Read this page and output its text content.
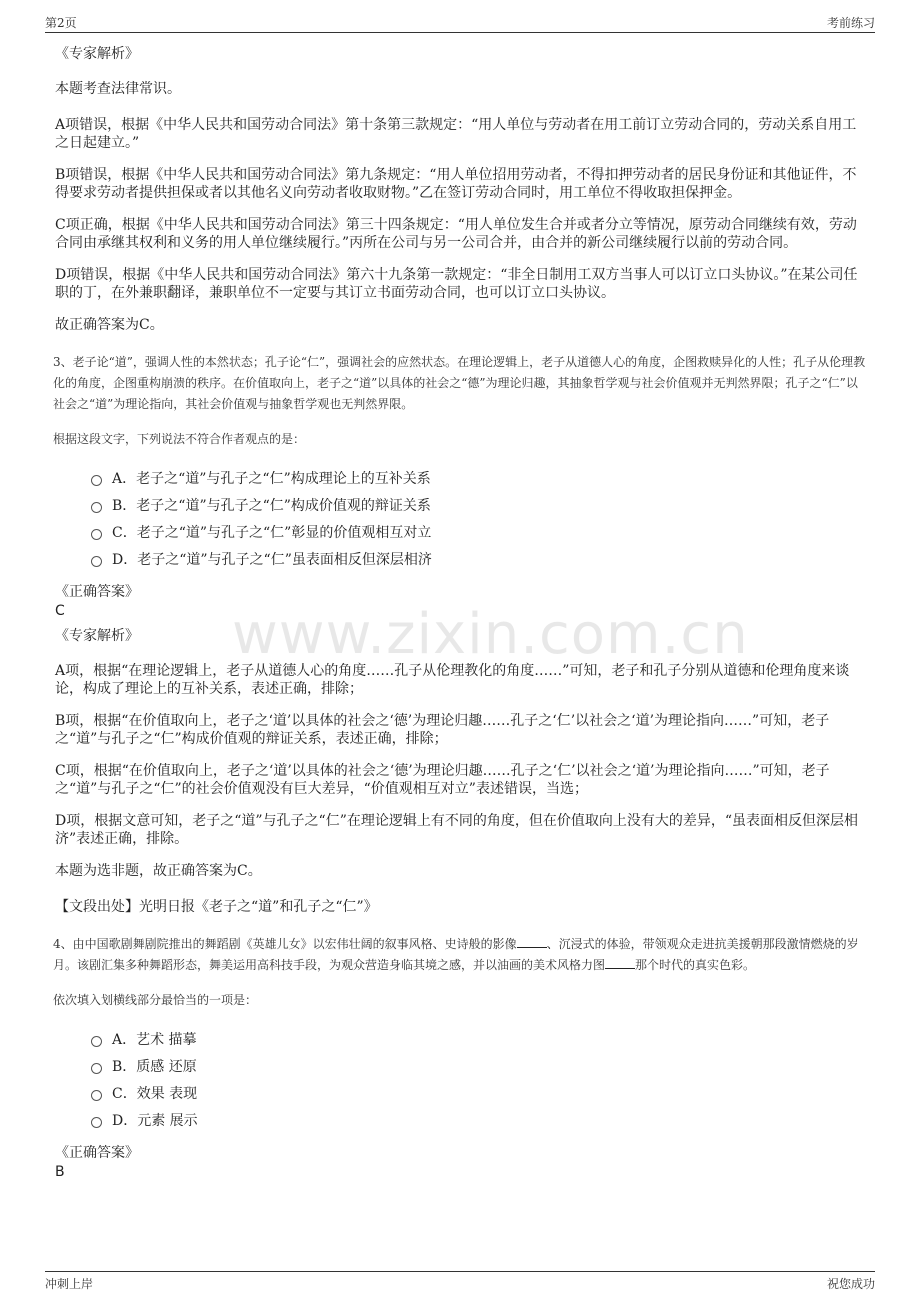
第2页	考前练习
www.zixin.com.cn

《专家解析》

本题考查法律常识。

A项错误，根据《中华人民共和国劳动合同法》第十条第三款规定：“用人单位与劳动者在用工前订立劳动合同的，劳动关系自用工之日起建立。”

B项错误，根据《中华人民共和国劳动合同法》第九条规定：“用人单位招用劳动者，不得扣押劳动者的居民身份证和其他证件，不得要求劳动者提供担保或者以其他名义向劳动者收取财物。”乙在签订劳动合同时，用工单位不得收取担保押金。

C项正确，根据《中华人民共和国劳动合同法》第三十四条规定：“用人单位发生合并或者分立等情况，原劳动合同继续有效，劳动合同由承继其权利和义务的用人单位继续履行。”丙所在公司与另一公司合并，由合并的新公司继续履行以前的劳动合同。

D项错误，根据《中华人民共和国劳动合同法》第六十九条第一款规定：“非全日制用工双方当事人可以订立口头协议。”在某公司任职的丁，在外兼职翻译，兼职单位不一定要与其订立书面劳动合同，也可以订立口头协议。

故正确答案为C。

3、老子论“道”，强调人性的本然状态；孔子论“仁”，强调社会的应然状态。在理论逻辑上，老子从道德人心的角度，企图救赎异化的人性；孔子从伦理教化的角度，企图重构崩溃的秩序。在价值取向上，老子之“道”以具体的社会之“德”为理论归趣，其抽象哲学观与社会价值观并无判然界限；孔子之“仁”以社会之“道”为理论指向，其社会价值观与抽象哲学观也无判然界限。

根据这段文字，下列说法不符合作者观点的是：

A．老子之“道”与孔子之“仁”构成理论上的互补关系
B．老子之“道”与孔子之“仁”构成价值观的辩证关系
C．老子之“道”与孔子之“仁”彰显的价值观相互对立
D．老子之“道”与孔子之“仁”虽表面相反但深层相济

《正确答案》

C

《专家解析》

A项，根据“在理论逻辑上，老子从道德人心的角度……孔子从伦理教化的角度……”可知，老子和孔子分别从道德和伦理角度来谈论，构成了理论上的互补关系，表述正确，排除；

B项，根据“在价值取向上，老子之‘道’以具体的社会之‘德’为理论归趣……孔子之‘仁’以社会之‘道’为理论指向……”可知，老子之“道”与孔子之“仁”构成价值观的辩证关系，表述正确，排除；

C项，根据“在价值取向上，老子之‘道’以具体的社会之‘德’为理论归趣……孔子之‘仁’以社会之‘道’为理论指向……”可知，老子之“道”与孔子之“仁”的社会价值观没有巨大差异，“价值观相互对立”表述错误，当选；

D项，根据文意可知，老子之“道”与孔子之“仁”在理论逻辑上有不同的角度，但在价值取向上没有大的差异，“虽表面相反但深层相济”表述正确，排除。

本题为选非题，故正确答案为C。

【文段出处】光明日报《老子之“道”和孔子之“仁”》

4、由中国歌剧舞剧院推出的舞蹈剧《英雄儿女》以宏伟壮阔的叙事风格、史诗般的影像	、沉浸式的体验，带领观众走进抗美援朝那段激情燃烧的岁月。该剧汇集多种舞蹈形态，舞美运用高科技手段，为观众营造身临其境之感，并以油画的美术风格力图	那个时代的真实色彩。

依次填入划横线部分最恰当的一项是：

A．艺术 描摹
B．质感 还原
C．效果 表现
D．元素 展示

《正确答案》

B

冲刺上岸	祝您成功
